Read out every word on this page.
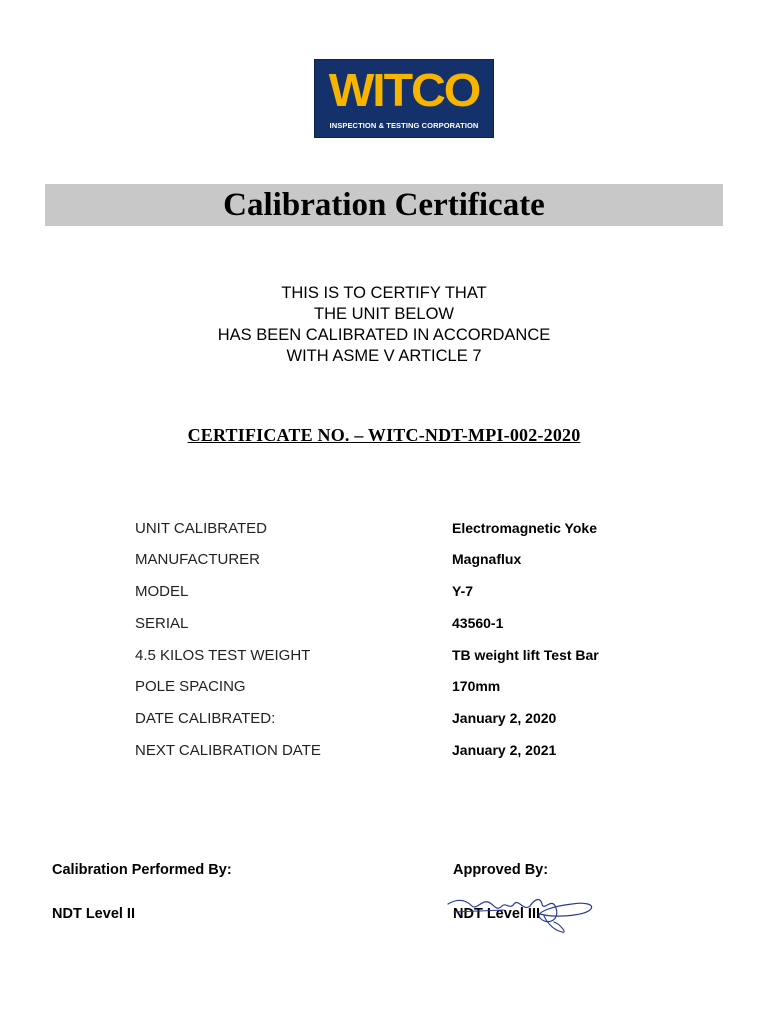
WITCO
INSPECTION & TESTING CORPORATION
Calibration Certificate
THIS IS TO CERTIFY THAT
THE UNIT BELOW
HAS BEEN CALIBRATED IN ACCORDANCE
WITH ASME V ARTICLE 7
CERTIFICATE NO. – WITC-NDT-MPI-002-2020
UNIT CALIBRATED	Electromagnetic Yoke
MANUFACTURER	Magnaflux
MODEL	Y-7
SERIAL	43560-1
4.5 KILOS TEST WEIGHT	TB weight lift Test Bar
POLE SPACING	170mm
DATE CALIBRATED:	January 2, 2020
NEXT CALIBRATION DATE	January 2, 2021
Calibration Performed By:
NDT Level II
Approved By:
NDT Level III
